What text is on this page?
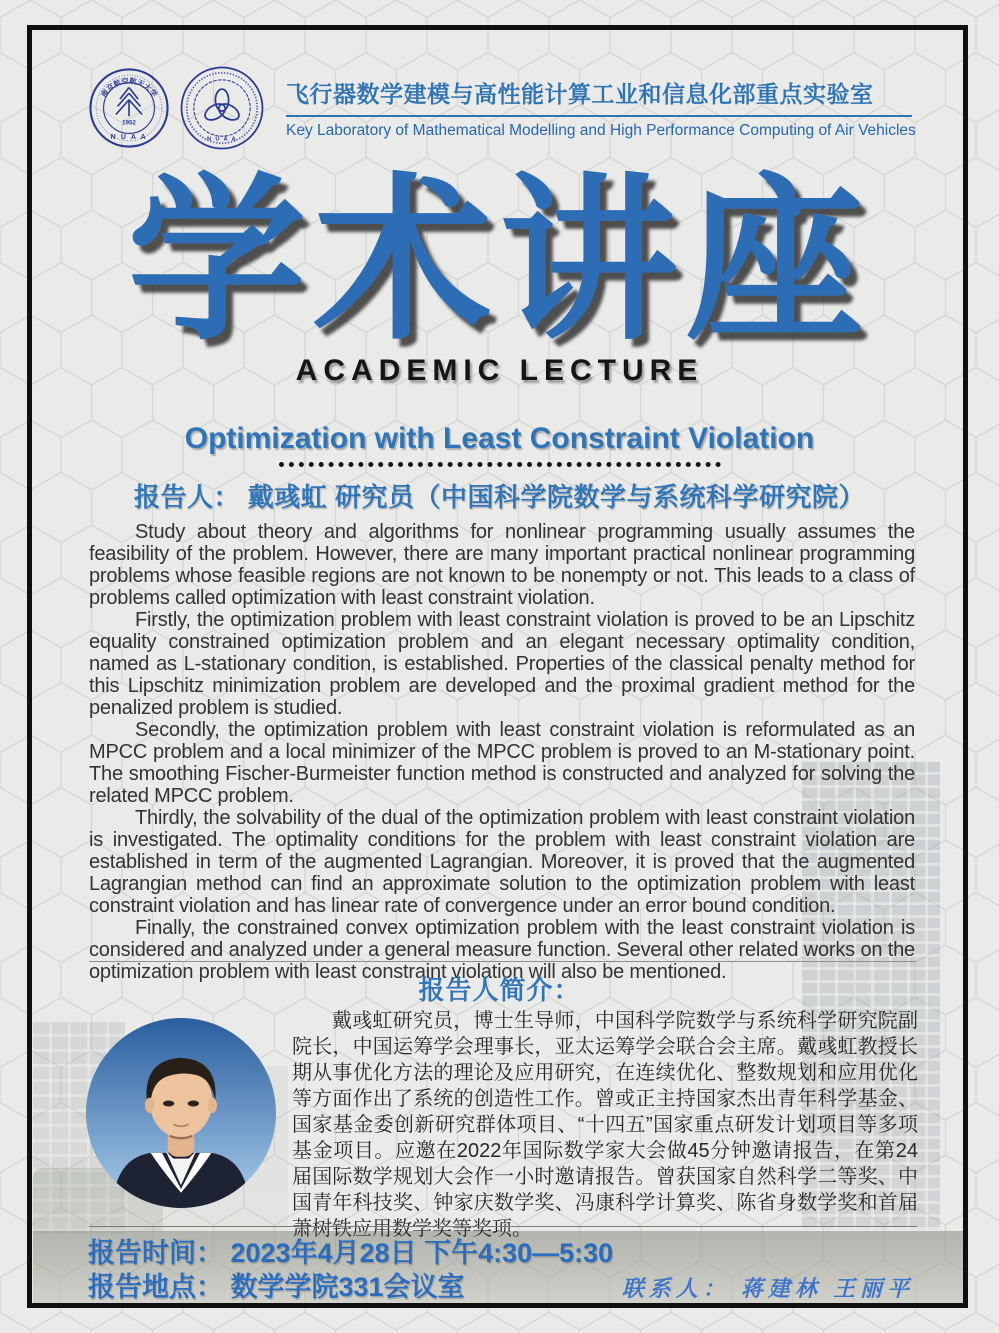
南京航空航天大学
1952
N U A A	N U A A
飞行器数学建模与高性能计算工业和信息化部重点实验室
Key Laboratory of Mathematical Modelling and High Performance Computing of Air Vehicles
学术讲座
ACADEMIC LECTURE
Optimization with Least Constraint Violation
报告人： 戴彧虹 研究员（中国科学院数学与系统科学研究院）

Study about theory and algorithms for nonlinear programming usually assumes the feasibility of the problem. However, there are many important practical nonlinear programming problems whose feasible regions are not known to be nonempty or not. This leads to a class of problems called optimization with least constraint violation.

Firstly, the optimization problem with least constraint violation is proved to be an Lipschitz equality constrained optimization problem and an elegant necessary optimality condition, named as L-stationary condition, is established. Properties of the classical penalty method for this Lipschitz minimization problem are developed and the proximal gradient method for the penalized problem is studied.

Secondly, the optimization problem with least constraint violation is reformulated as an MPCC problem and a local minimizer of the MPCC problem is proved to an M-stationary point. The smoothing Fischer-Burmeister function method is constructed and analyzed for solving the related MPCC problem.

Thirdly, the solvability of the dual of the optimization problem with least constraint violation is investigated. The optimality conditions for the problem with least constraint violation are established in term of the augmented Lagrangian. Moreover, it is proved that the augmented Lagrangian method can find an approximate solution to the optimization problem with least constraint violation and has linear rate of convergence under an error bound condition.

Finally, the constrained convex optimization problem with the least constraint violation is considered and analyzed under a general measure function. Several other related works on the optimization problem with least constraint violation will also be mentioned.

报告人简介：
戴彧虹研究员，博士生导师，中国科学院数学与系统科学研究院副院长，中国运筹学会理事长，亚太运筹学会联合会主席。戴彧虹教授长期从事优化方法的理论及应用研究，在连续优化、整数规划和应用优化等方面作出了系统的创造性工作。曾或正主持国家杰出青年科学基金、国家基金委创新研究群体项目、“十四五”国家重点研发计划项目等多项基金项目。应邀在2022年国际数学家大会做45分钟邀请报告，在第24届国际数学规划大会作一小时邀请报告。曾获国家自然科学二等奖、中国青年科技奖、钟家庆数学奖、冯康科学计算奖、陈省身数学奖和首届萧树铁应用数学奖等奖项。
报告时间： 2023年4月28日 下午4:30—5:30
报告地点： 数学学院331会议室	联系人： 蒋建林 王丽平
